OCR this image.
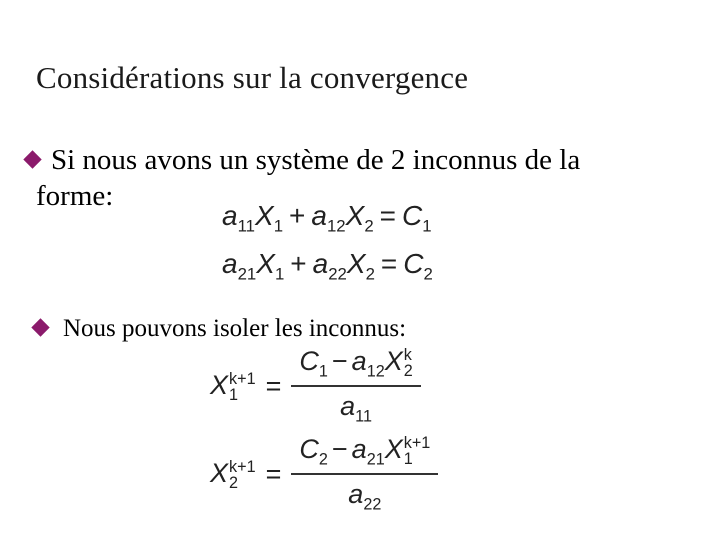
Considérations sur la convergence
Si nous avons un système de 2 inconnus de la
forme:
$a_{11}X_1 + a_{12}X_2 = C_1$
$a_{21}X_1 + a_{22}X_2 = C_2$
Nous pouvons isoler les inconnus:
X k+1
1	= $C_1 - a_{12}X$ k
2
$a_{11}$
X k+1
2	= $C_2 - a_{21}X$ k+1
1
$a_{22}$
